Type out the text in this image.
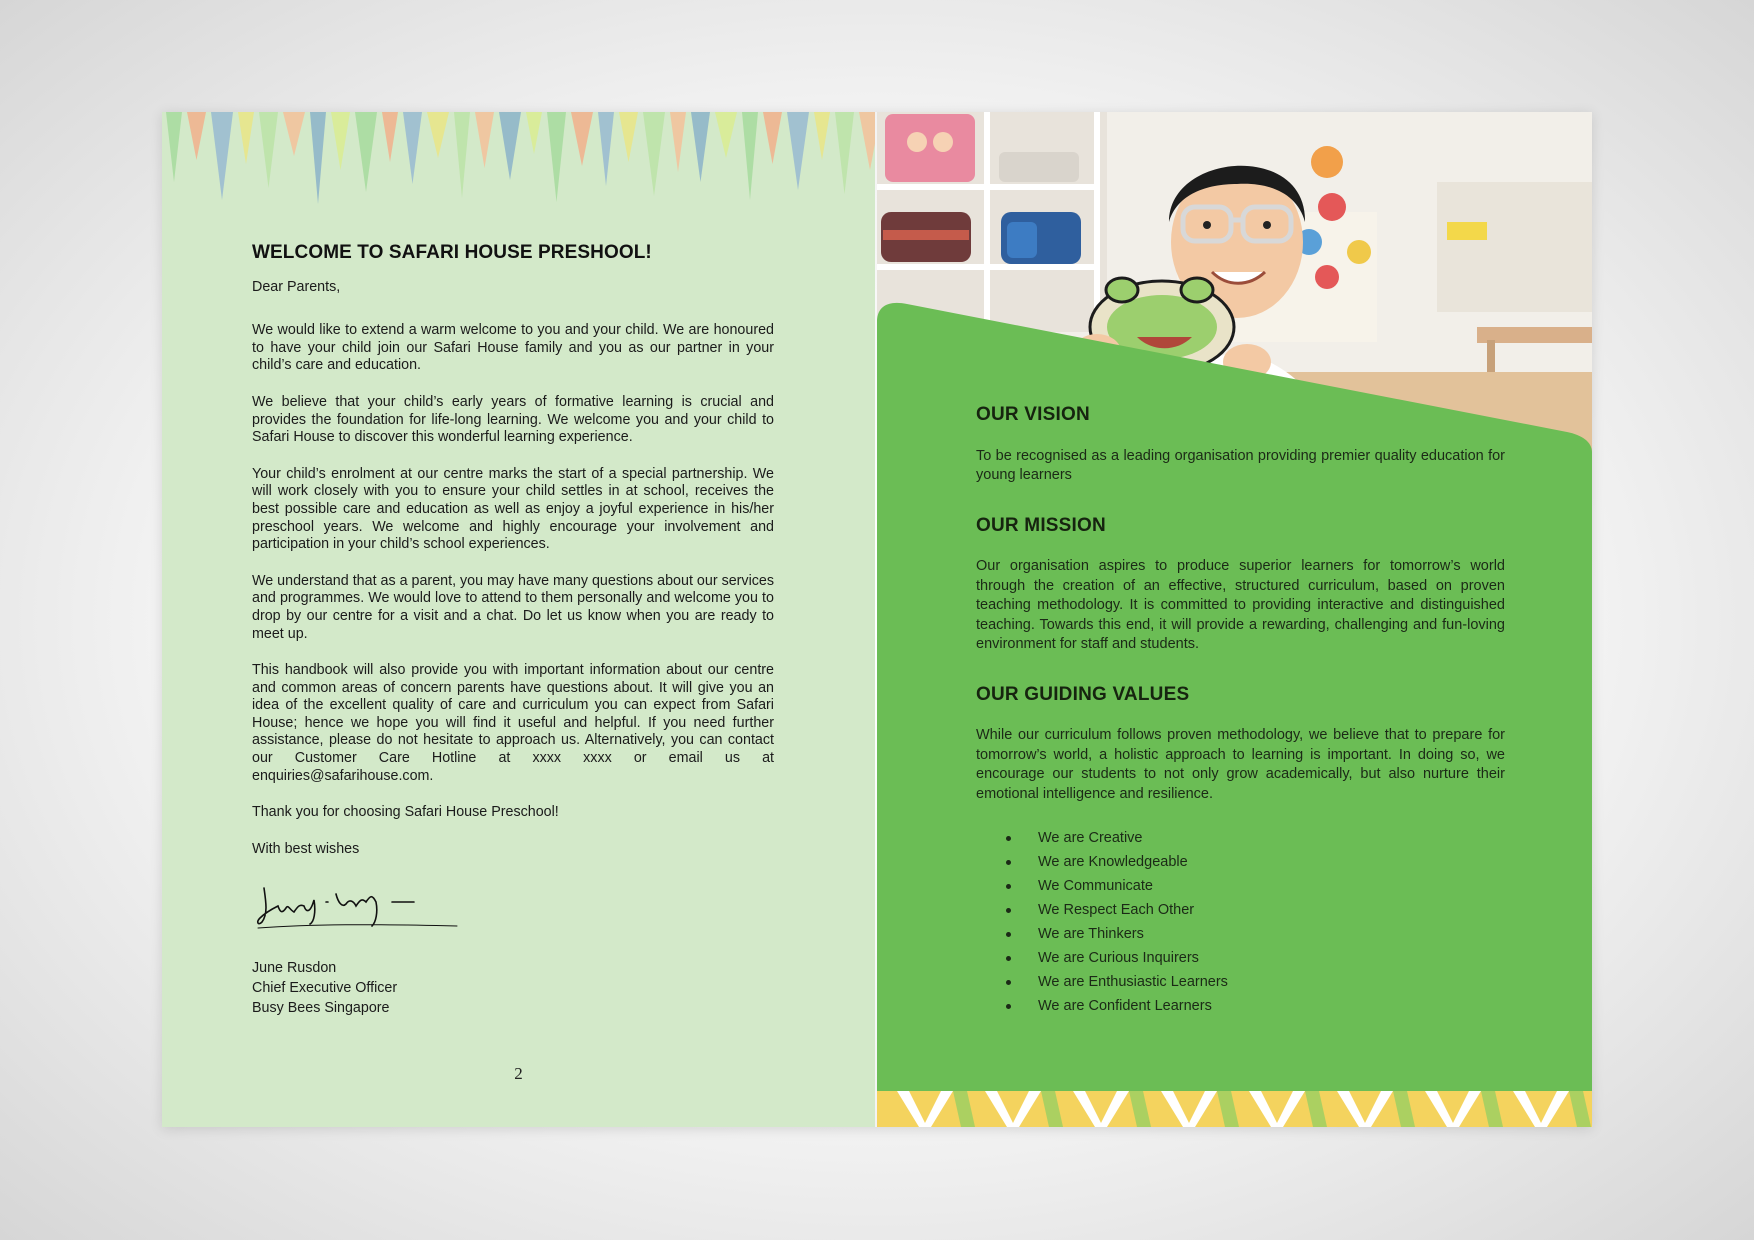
WELCOME TO SAFARI HOUSE PRESHOOL!

Dear Parents,

We would like to extend a warm welcome to you and your child. We are honoured to have your child join our Safari House family and you as our partner in your child’s care and education.

We believe that your child’s early years of formative learning is crucial and provides the foundation for life-long learning. We welcome you and your child to Safari House to discover this wonderful learning experience.

Your child’s enrolment at our centre marks the start of a special partnership. We will work closely with you to ensure your child settles in at school, receives the best possible care and education as well as enjoy a joyful experience in his/her preschool years. We welcome and highly encourage your involvement and participation in your child’s school experiences.

We understand that as a parent, you may have many questions about our services and programmes. We would love to attend to them personally and welcome you to drop by our centre for a visit and a chat. Do let us know when you are ready to meet up.

This handbook will also provide you with important information about our centre and common areas of concern parents have questions about. It will give you an idea of the excellent quality of care and curriculum you can expect from Safari House; hence we hope you will find it useful and helpful. If you need further assistance, please do not hesitate to approach us. Alternatively, you can contact our Customer Care Hotline at xxxx xxxx or email us at enquiries@safarihouse.com.

Thank you for choosing Safari House Preschool!

With best wishes

June Rusdon
Chief Executive Officer
Busy Bees Singapore
2
OUR VISION

To be recognised as a leading organisation providing premier quality education for young learners

OUR MISSION

Our organisation aspires to produce superior learners for tomorrow’s world through the creation of an effective, structured curriculum, based on proven teaching methodology. It is committed to providing interactive and distinguished teaching. Towards this end, it will provide a rewarding, challenging and fun-loving environment for staff and students.

OUR GUIDING VALUES

While our curriculum follows proven methodology, we believe that to prepare for tomorrow’s world, a holistic approach to learning is important. In doing so, we encourage our students to not only grow academically, but also nurture their emotional intelligence and resilience.

We are Creative
We are Knowledgeable
We Communicate
We Respect Each Other
We are Thinkers
We are Curious Inquirers
We are Enthusiastic Learners
We are Confident Learners
